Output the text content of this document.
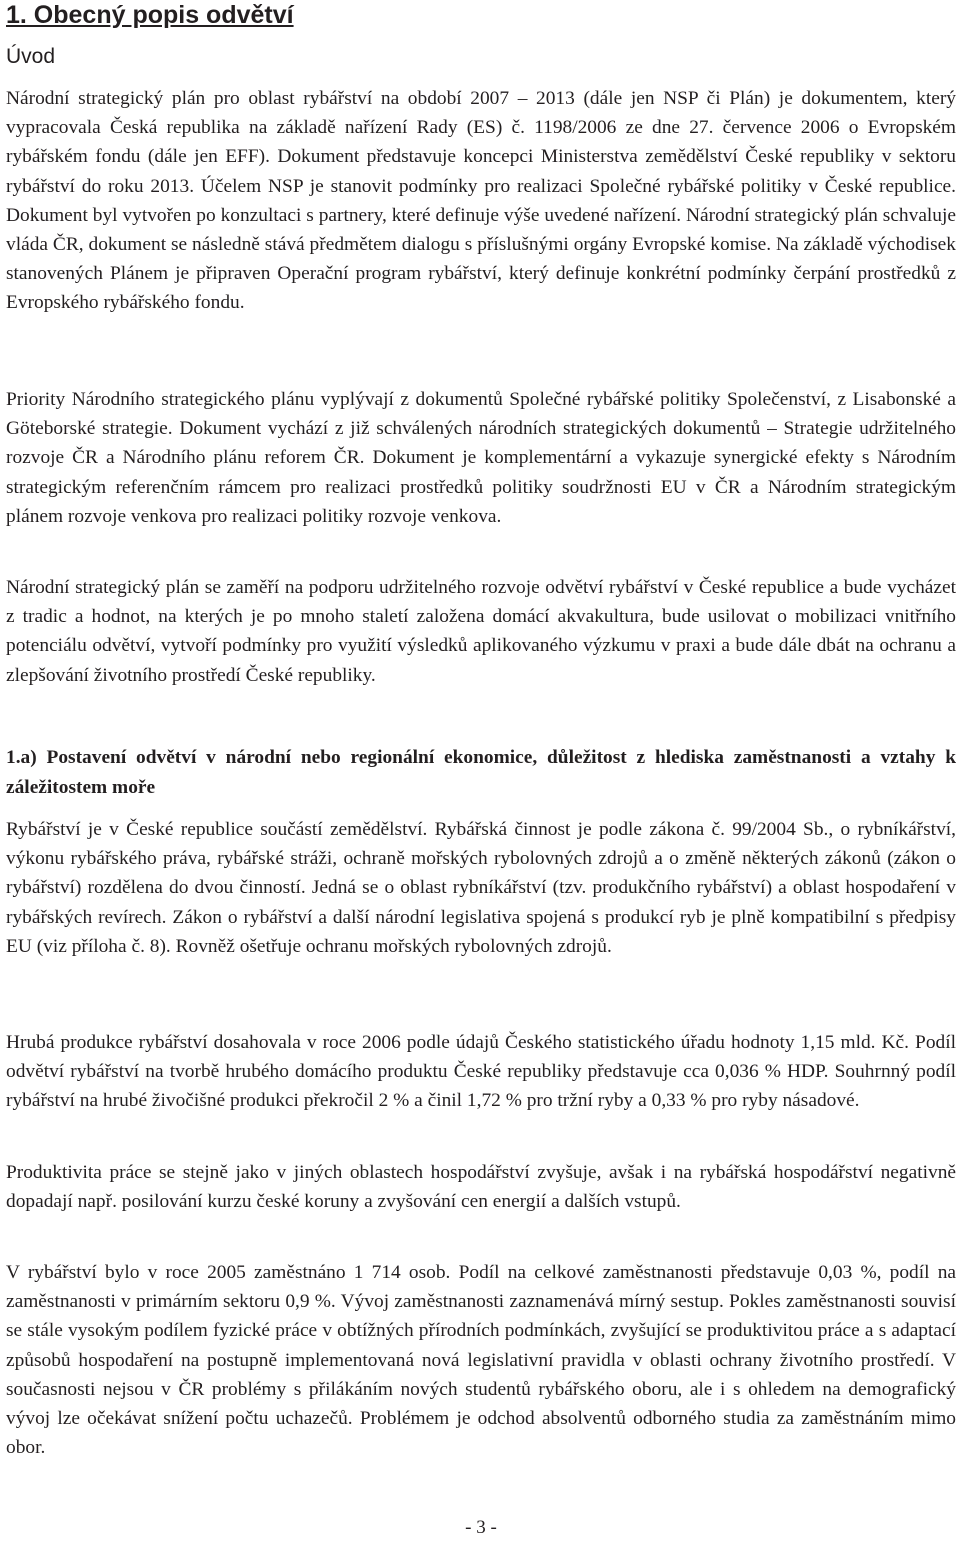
1. Obecný popis odvětví
Úvod

Národní strategický plán pro oblast rybářství na období 2007 – 2013 (dále jen NSP či Plán) je dokumentem, který vypracovala Česká republika na základě nařízení Rady (ES) č. 1198/2006 ze dne 27. července 2006 o Evropském rybářském fondu (dále jen EFF). Dokument představuje koncepci Ministerstva zemědělství České republiky v sektoru rybářství do roku 2013. Účelem NSP je stanovit podmínky pro realizaci Společné rybářské politiky v České republice. Dokument byl vytvořen po konzultaci s partnery, které definuje výše uvedené nařízení. Národní strategický plán schvaluje vláda ČR, dokument se následně stává předmětem dialogu s příslušnými orgány Evropské komise. Na základě východisek stanovených Plánem je připraven Operační program rybářství, který definuje konkrétní podmínky čerpání prostředků z Evropského rybářského fondu.

Priority Národního strategického plánu vyplývají z dokumentů Společné rybářské politiky Společenství, z Lisabonské a Göteborské strategie. Dokument vychází z již schválených národních strategických dokumentů – Strategie udržitelného rozvoje ČR a Národního plánu reforem ČR. Dokument je komplementární a vykazuje synergické efekty s Národním strategickým referenčním rámcem pro realizaci prostředků politiky soudržnosti EU v ČR a Národním strategickým plánem rozvoje venkova pro realizaci politiky rozvoje venkova.

Národní strategický plán se zaměří na podporu udržitelného rozvoje odvětví rybářství v České republice a bude vycházet z tradic a hodnot, na kterých je po mnoho staletí založena domácí akvakultura, bude usilovat o mobilizaci vnitřního potenciálu odvětví, vytvoří podmínky pro využití výsledků aplikovaného výzkumu v praxi a bude dále dbát na ochranu a zlepšování životního prostředí České republiky.

1.a) Postavení odvětví v národní nebo regionální ekonomice, důležitost z hlediska zaměstnanosti a vztahy k záležitostem moře

Rybářství je v České republice součástí zemědělství. Rybářská činnost je podle zákona č. 99/2004 Sb., o rybníkářství, výkonu rybářského práva, rybářské stráži, ochraně mořských rybolovných zdrojů a o změně některých zákonů (zákon o rybářství) rozdělena do dvou činností. Jedná se o oblast rybníkářství (tzv. produkčního rybářství) a oblast hospodaření v rybářských revírech. Zákon o rybářství a další národní legislativa spojená s produkcí ryb je plně kompatibilní s předpisy EU (viz příloha č. 8). Rovněž ošetřuje ochranu mořských rybolovných zdrojů.

Hrubá produkce rybářství dosahovala v roce 2006 podle údajů Českého statistického úřadu hodnoty 1,15 mld. Kč. Podíl odvětví rybářství na tvorbě hrubého domácího produktu České republiky představuje cca 0,036 % HDP. Souhrnný podíl rybářství na hrubé živočišné produkci překročil 2 % a činil 1,72 % pro tržní ryby a 0,33 % pro ryby násadové.

Produktivita práce se stejně jako v jiných oblastech hospodářství zvyšuje, avšak i na rybářská hospodářství negativně dopadají např. posilování kurzu české koruny a zvyšování cen energií a dalších vstupů.

V rybářství bylo v roce 2005 zaměstnáno 1 714 osob. Podíl na celkové zaměstnanosti představuje 0,03 %, podíl na zaměstnanosti v primárním sektoru 0,9 %. Vývoj zaměstnanosti zaznamenává mírný sestup. Pokles zaměstnanosti souvisí se stále vysokým podílem fyzické práce v obtížných přírodních podmínkách, zvyšující se produktivitou práce a s adaptací způsobů hospodaření na postupně implementovaná nová legislativní pravidla v oblasti ochrany životního prostředí. V současnosti nejsou v ČR problémy s přilákáním nových studentů rybářského oboru, ale i s ohledem na demografický vývoj lze očekávat snížení počtu uchazečů. Problémem je odchod absolventů odborného studia za zaměstnáním mimo obor.

- 3 -
